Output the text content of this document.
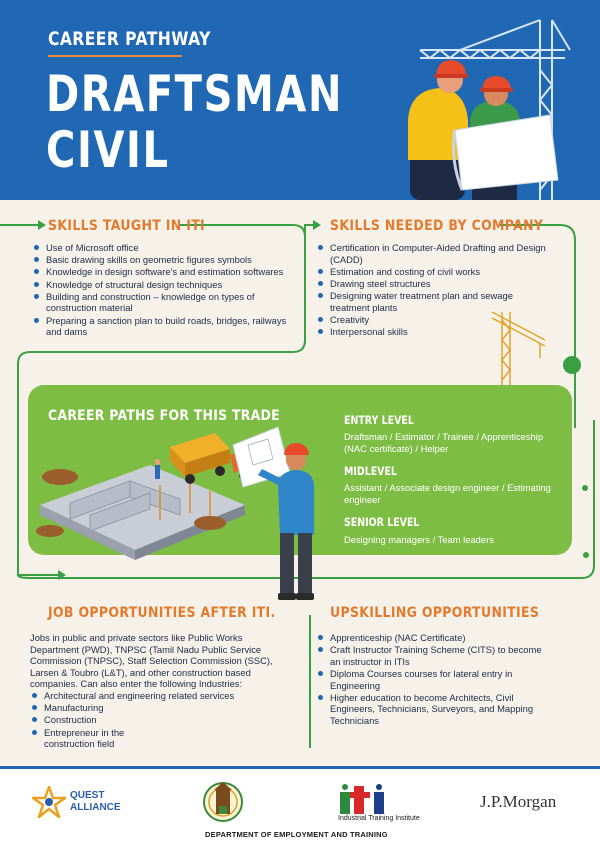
CAREER PATHWAY
DRAFTSMAN
CIVIL
SKILLS TAUGHT IN ITI
Use of Microsoft office
Basic drawing skills on geometric figures symbols
Knowledge in design software's and estimation softwares
Knowledge of structural design techniques
Building and construction – knowledge on types of construction material
Preparing a sanction plan to build roads, bridges, railways and dams
SKILLS NEEDED BY COMPANY
Certification in Computer-Aided Drafting and Design (CADD)
Estimation and costing of civil works
Drawing steel structures
Designing water treatment plan and sewage treatment plants
Creativity
Interpersonal skills
CAREER PATHS FOR THIS TRADE	ENTRY LEVEL
Draftsman / Estimator / Trainee / Apprenticeship (NAC certificate) / Helper
MIDLEVEL
Assistant / Associate design engineer / Estimating engineer
SENIOR LEVEL
Designing managers / Team leaders
JOB OPPORTUNITIES AFTER ITI.
Jobs in public and private sectors like Public Works Department (PWD), TNPSC (Tamil Nadu Public Service Commission (TNPSC), Staff Selection Commission (SSC), Larsen & Toubro (L&T), and other construction based companies. Can also enter the following Industries:
Architectural and engineering related services
Manufacturing
Construction
Entrepreneur in the construction field
UPSKILLING OPPORTUNITIES
Apprenticeship (NAC Certificate)
Craft Instructor Training Scheme (CITS) to become an instructor in ITIs
Diploma Courses courses for lateral entry in Engineering
Higher education to become Architects, Civil Engineers, Technicians, Surveyors, and Mapping Technicians
QUEST
ALLIANCE
DEPARTMENT OF EMPLOYMENT AND TRAINING
Industrial Training Institute
J.P.Morgan
